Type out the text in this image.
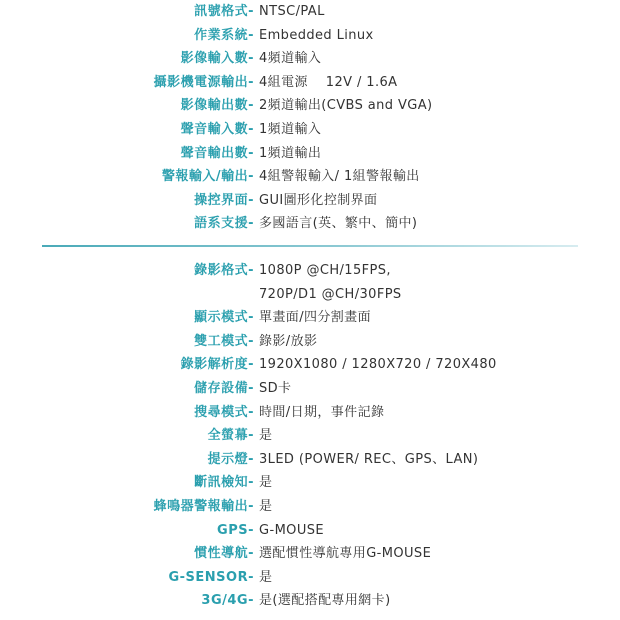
訊號格式- NTSC/PAL
作業系統- Embedded Linux
影像輸入數- 4頻道輸入
攝影機電源輸出- 4組電源　 12V / 1.6A
影像輸出數- 2頻道輸出(CVBS and VGA)
聲音輸入數- 1頻道輸入
聲音輸出數- 1頻道輸出
警報輸入/輸出- 4組警報輸入/ 1組警報輸出
操控界面- GUI圖形化控制界面
語系支援- 多國語言(英、繁中、簡中)
錄影格式- 1080P @CH/15FPS,
720P/D1 @CH/30FPS
顯示模式- 單畫面/四分割畫面
雙工模式- 錄影/放影
錄影解析度- 1920X1080 / 1280X720 / 720X480
儲存設備- SD卡
搜尋模式- 時間/日期，事件記錄
全螢幕- 是
提示燈- 3LED (POWER/ REC、GPS、LAN)
斷訊檢知- 是
蜂鳴器警報輸出- 是
GPS- G-MOUSE
慣性導航- 選配慣性導航專用G-MOUSE
G-SENSOR- 是
3G/4G- 是(選配搭配專用網卡)
